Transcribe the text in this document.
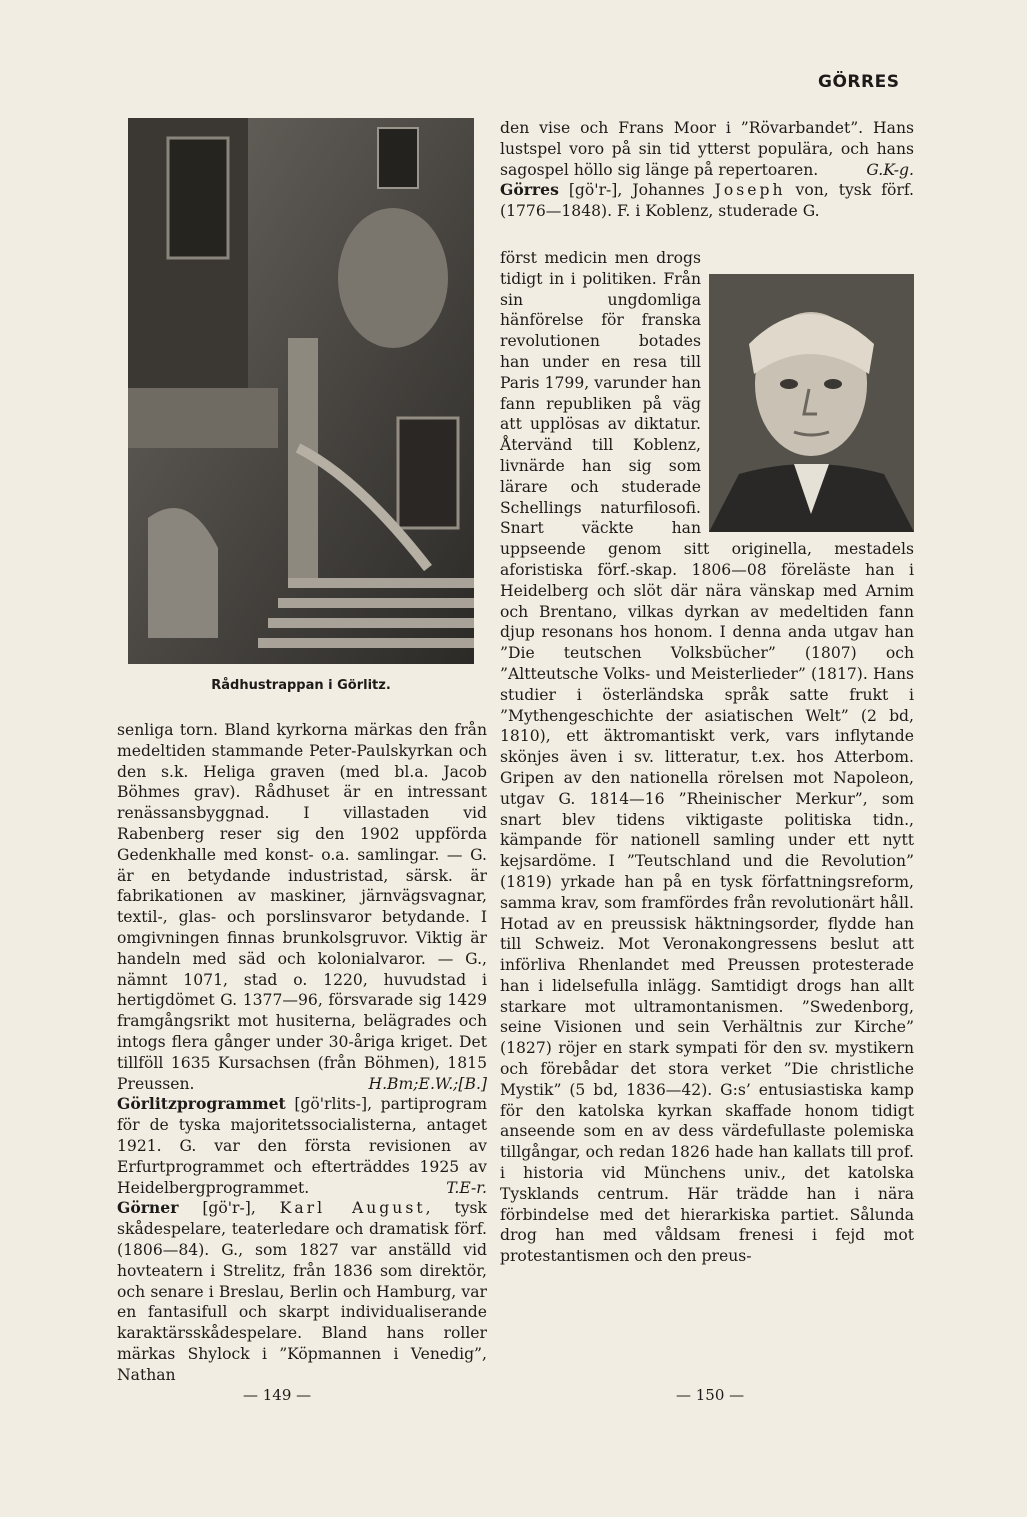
GÖRRES
Rådhustrappan i Görlitz.

senliga torn. Bland kyrkorna märkas den från medeltiden stammande Peter-Paulskyrkan och den s.k. Heliga graven (med bl.a. Jacob Böhmes grav). Rådhuset är en intressant renässansbyggnad. I villastaden vid Rabenberg reser sig den 1902 uppförda Gedenkhalle med konst- o.a. samlingar. — G. är en betydande industristad, särsk. är fabrikationen av maskiner, järnvägsvagnar, textil-, glas- och porslinsvaror betydande. I omgivningen finnas brunkolsgruvor. Viktig är handeln med säd och kolonialvaror. — G., nämnt 1071, stad o. 1220, huvudstad i hertigdömet G. 1377—96, försvarade sig 1429 framgångsrikt mot husiterna, belägrades och intogs flera gånger under 30-åriga kriget. Det tillföll 1635 Kursachsen (från Böhmen), 1815 Preussen.	H.Bm;E.W.;[B.]

Görlitzprogrammet [gö'rlits-], partiprogram för de tyska majoritetssocialisterna, antaget 1921. G. var den första revisionen av Erfurtprogrammet och efterträddes 1925 av Heidelbergprogrammet.	T.E-r.

Görner [gö'r-], Karl August, tysk skådespelare, teaterledare och dramatisk förf. (1806—84). G., som 1827 var anställd vid hovteatern i Strelitz, från 1836 som direktör, och senare i Breslau, Berlin och Hamburg, var en fantasifull och skarpt individualiserande karaktärsskådespelare. Bland hans roller märkas Shylock i ”Köpmannen i Venedig”, Nathan

den vise och Frans Moor i ”Rövarbandet”. Hans lustspel voro på sin tid ytterst populära, och hans sagospel höllo sig länge på repertoaren.	G.K-g.

Görres [gö'r-], Johannes Joseph von, tysk förf. (1776—1848). F. i Koblenz, studerade G.

först medicin men drogs tidigt in i politiken. Från sin ungdomliga hänförelse för franska revolutionen botades han under en resa till Paris 1799, varunder han fann republiken på väg att upplösas av diktatur. Återvänd till Koblenz, livnärde han sig som lärare och studerade Schellings naturfilosofi. Snart väckte han uppseende genom sitt originella, mestadels aforistiska förf.-skap. 1806—08 föreläste han i Heidelberg och slöt där nära vänskap med Arnim och Brentano, vilkas dyrkan av medeltiden fann djup resonans hos honom. I denna anda utgav han ”Die teutschen Volksbücher” (1807) och ”Altteutsche Volks- und Meisterlieder” (1817). Hans studier i österländska språk satte frukt i ”Mythengeschichte der asiatischen Welt” (2 bd, 1810), ett äktromantiskt verk, vars inflytande skönjes även i sv. litteratur, t.ex. hos Atterbom. Gripen av den nationella rörelsen mot Napoleon, utgav G. 1814—16 ”Rheinischer Merkur”, som snart blev tidens viktigaste politiska tidn., kämpande för nationell samling under ett nytt kejsardöme. I ”Teutschland und die Revolution” (1819) yrkade han på en tysk författningsreform, samma krav, som framfördes från revolutionärt håll. Hotad av en preussisk häktningsorder, flydde han till Schweiz. Mot Veronakongressens beslut att införliva Rhenlandet med Preussen protesterade han i lidelsefulla inlägg. Samtidigt drogs han allt starkare mot ultramontanismen. ”Swedenborg, seine Visionen und sein Verhältnis zur Kirche” (1827) röjer en stark sympati för den sv. mystikern och förebådar det stora verket ”Die christliche Mystik” (5 bd, 1836—42). G:s’ entusiastiska kamp för den katolska kyrkan skaffade honom tidigt anseende som en av dess värdefullaste polemiska tillgångar, och redan 1826 hade han kallats till prof. i historia vid Münchens univ., det katolska Tysklands centrum. Här trädde han i nära förbindelse med det hierarkiska partiet. Sålunda drog han med våldsam frenesi i fejd mot protestantismen och den preus-

— 149 —	— 150 —
